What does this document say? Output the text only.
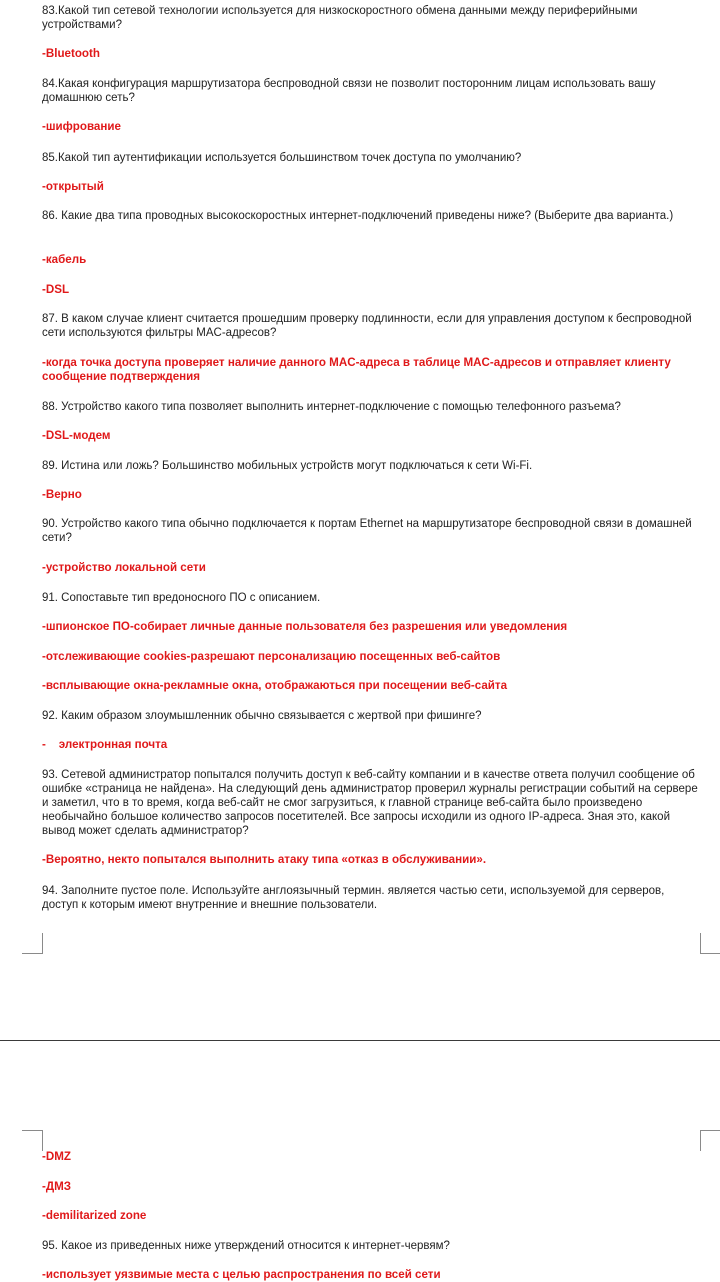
83.Какой тип сетевой технологии используется для низкоскоростного обмена данными между периферийными устройствами?

-Bluetooth

84.Какая конфигурация маршрутизатора беспроводной связи не позволит посторонним лицам использовать вашу домашнюю сеть?

-шифрование

85.Какой тип аутентификации используется большинством точек доступа по умолчанию?

-открытый

86. Какие два типа проводных высокоскоростных интернет-подключений приведены ниже? (Выберите два варианта.)

-кабель

-DSL

87. В каком случае клиент считается прошедшим проверку подлинности, если для управления доступом к беспроводной сети используются фильтры MAC-адресов?

-когда точка доступа проверяет наличие данного MAC-адреса в таблице MAC-адресов и отправляет клиенту сообщение подтверждения

88. Устройство какого типа позволяет выполнить интернет-подключение с помощью телефонного разъема?

-DSL-модем

89. Истина или ложь? Большинство мобильных устройств могут подключаться к сети Wi-Fi.

-Верно

90. Устройство какого типа обычно подключается к портам Ethernet на маршрутизаторе беспроводной связи в домашней сети?

-устройство локальной сети

91. Сопоставьте тип вредоносного ПО с описанием.

-шпионское ПО-собирает личные данные пользователя без разрешения или уведомления

-отслеживающие cookies-разрешают персонализацию посещенных веб-сайтов

-всплывающие окна-рекламные окна, отображаються при посещении веб-сайта

92. Каким образом злоумышленник обычно связывается с жертвой при фишинге?

-    электронная почта

93. Сетевой администратор попытался получить доступ к веб-сайту компании и в качестве ответа получил сообщение об ошибке «страница не найдена». На следующий день администратор проверил журналы регистрации событий на сервере и заметил, что в то время, когда веб-сайт не смог загрузиться, к главной странице веб-сайта было произведено необычайно большое количество запросов посетителей. Все запросы исходили из одного IP-адреса. Зная это, какой вывод может сделать администратор?

-Вероятно, некто попытался выполнить атаку типа «отказ в обслуживании».

94. Заполните пустое поле. Используйте англоязычный термин. является частью сети, используемой для серверов, доступ к которым имеют внутренние и внешние пользователи.

-DMZ

-ДМЗ

-demilitarized zone

95. Какое из приведенных ниже утверждений относится к интернет-червям?

-использует уязвимые места с целью распространения по всей сети
